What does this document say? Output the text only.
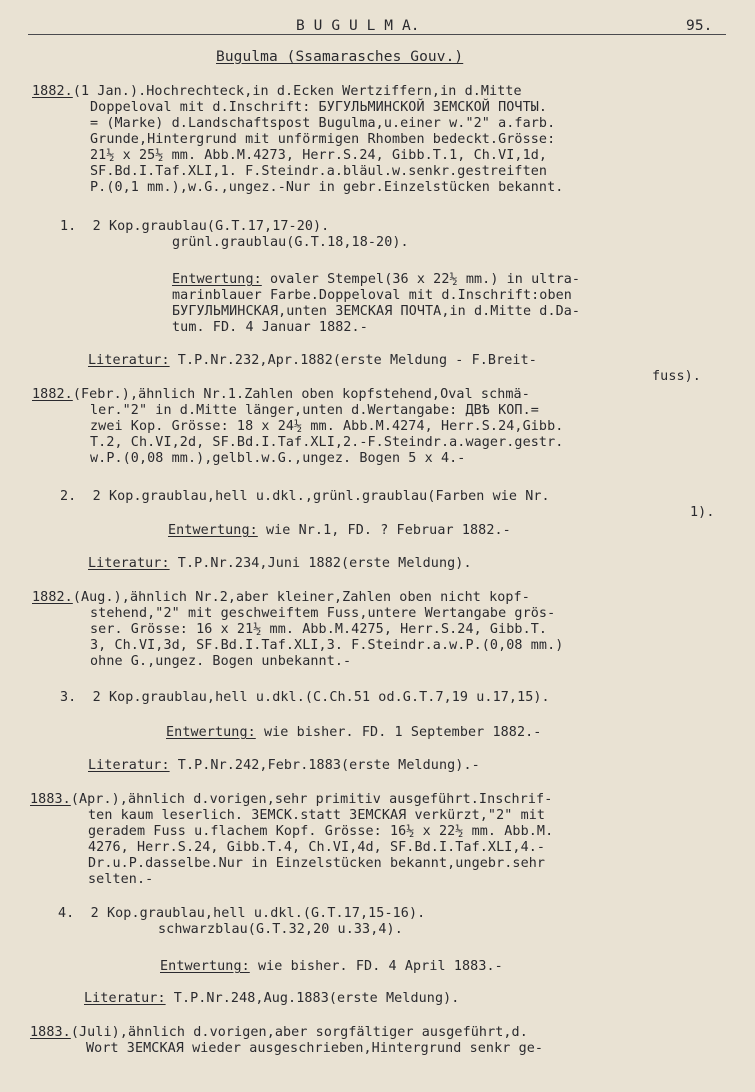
B U G U L M A.	95.
Bugulma (Ssamarasches Gouv.)
1882.(1 Jan.).Hochrechteck,in d.Ecken Wertziffern,in d.Mitte
Doppeloval mit d.Inschrift: БУГУЛЬМИНСКОЙ ЗЕМСКОЙ ПОЧТЫ.
= (Marke) d.Landschaftspost Bugulma,u.einer w."2" a.farb.
Grunde,Hintergrund mit unförmigen Rhomben bedeckt.Grösse:
21½ x 25½ mm. Abb.M.4273, Herr.S.24, Gibb.T.1, Ch.VI,1d,
SF.Bd.I.Taf.XLI,1. F.Steindr.a.bläul.w.senkr.gestreiften
P.(0,1 mm.),w.G.,ungez.-Nur in gebr.Einzelstücken bekannt.
1.  2 Kop.graublau(G.T.17,17-20).
grünl.graublau(G.T.18,18-20).
Entwertung: ovaler Stempel(36 x 22½ mm.) in ultra-
marinblauer Farbe.Doppeloval mit d.Inschrift:oben
БУГУЛЬМИНСКАЯ,unten ЗЕМСКАЯ ПОЧТА,in d.Mitte d.Da-
tum. FD. 4 Januar 1882.-
Literatur: T.P.Nr.232,Apr.1882(erste Meldung - F.Breit-
fuss).
1882.(Febr.),ähnlich Nr.1.Zahlen oben kopfstehend,Oval schmä-
ler."2" in d.Mitte länger,unten d.Wertangabe: ДВѢ КОП.=
zwei Kop. Grösse: 18 x 24½ mm. Abb.M.4274, Herr.S.24,Gibb.
T.2, Ch.VI,2d, SF.Bd.I.Taf.XLI,2.-F.Steindr.a.wager.gestr.
w.P.(0,08 mm.),gelbl.w.G.,ungez. Bogen 5 x 4.-
2.  2 Kop.graublau,hell u.dkl.,grünl.graublau(Farben wie Nr.
1).
Entwertung: wie Nr.1, FD. ? Februar 1882.-
Literatur: T.P.Nr.234,Juni 1882(erste Meldung).
1882.(Aug.),ähnlich Nr.2,aber kleiner,Zahlen oben nicht kopf-
stehend,"2" mit geschweiftem Fuss,untere Wertangabe grös-
ser. Grösse: 16 x 21½ mm. Abb.M.4275, Herr.S.24, Gibb.T.
3, Ch.VI,3d, SF.Bd.I.Taf.XLI,3. F.Steindr.a.w.P.(0,08 mm.)
ohne G.,ungez. Bogen unbekannt.-
3.  2 Kop.graublau,hell u.dkl.(C.Ch.51 od.G.T.7,19 u.17,15).
Entwertung: wie bisher. FD. 1 September 1882.-
Literatur: T.P.Nr.242,Febr.1883(erste Meldung).-
1883.(Apr.),ähnlich d.vorigen,sehr primitiv ausgeführt.Inschrif-
ten kaum leserlich. ЗЕМСК.statt ЗЕМСКАЯ verkürzt,"2" mit
geradem Fuss u.flachem Kopf. Grösse: 16½ x 22½ mm. Abb.M.
4276, Herr.S.24, Gibb.T.4, Ch.VI,4d, SF.Bd.I.Taf.XLI,4.-
Dr.u.P.dasselbe.Nur in Einzelstücken bekannt,ungebr.sehr
selten.-
4.  2 Kop.graublau,hell u.dkl.(G.T.17,15-16).
schwarzblau(G.T.32,20 u.33,4).
Entwertung: wie bisher. FD. 4 April 1883.-
Literatur: T.P.Nr.248,Aug.1883(erste Meldung).
1883.(Juli),ähnlich d.vorigen,aber sorgfältiger ausgeführt,d.
Wort ЗЕМСКАЯ wieder ausgeschrieben,Hintergrund senkr ge-
